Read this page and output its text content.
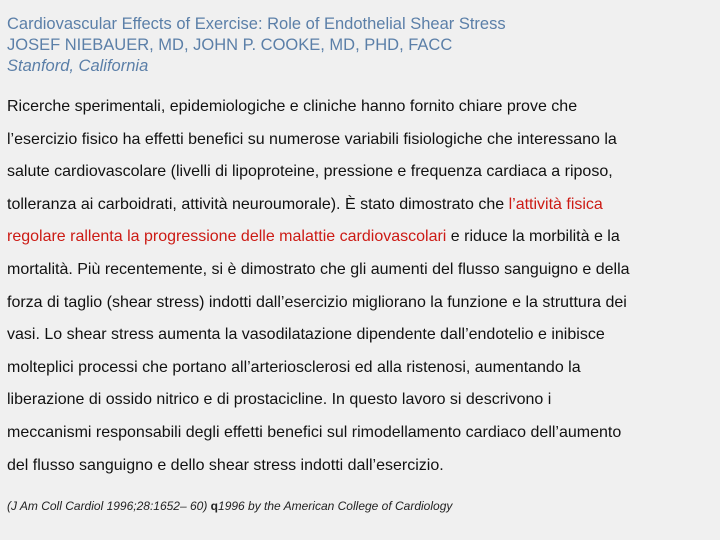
Cardiovascular Effects of Exercise: Role of Endothelial Shear Stress
JOSEF NIEBAUER, MD, JOHN P. COOKE, MD, PHD, FACC
Stanford, California
Ricerche sperimentali, epidemiologiche e cliniche hanno fornito chiare prove che
l’esercizio fisico ha effetti benefici su numerose variabili fisiologiche che interessano la
salute cardiovascolare (livelli di lipoproteine, pressione e frequenza cardiaca a riposo,
tolleranza ai carboidrati, attività neuroumorale). È stato dimostrato che l’attività fisica
regolare rallenta la progressione delle malattie cardiovascolari e riduce la morbilità e la
mortalità. Più recentemente, si è dimostrato che gli aumenti del flusso sanguigno e della
forza di taglio (shear stress) indotti dall’esercizio migliorano la funzione e la struttura dei
vasi. Lo shear stress aumenta la vasodilatazione dipendente dall’endotelio e inibisce
molteplici processi che portano all’arteriosclerosi ed alla ristenosi, aumentando la
liberazione di ossido nitrico e di prostacicline. In questo lavoro si descrivono i
meccanismi responsabili degli effetti benefici sul rimodellamento cardiaco dell’aumento
del flusso sanguigno e dello shear stress indotti dall’esercizio.
(J Am Coll Cardiol 1996;28:1652– 60) q1996 by the American College of Cardiology
